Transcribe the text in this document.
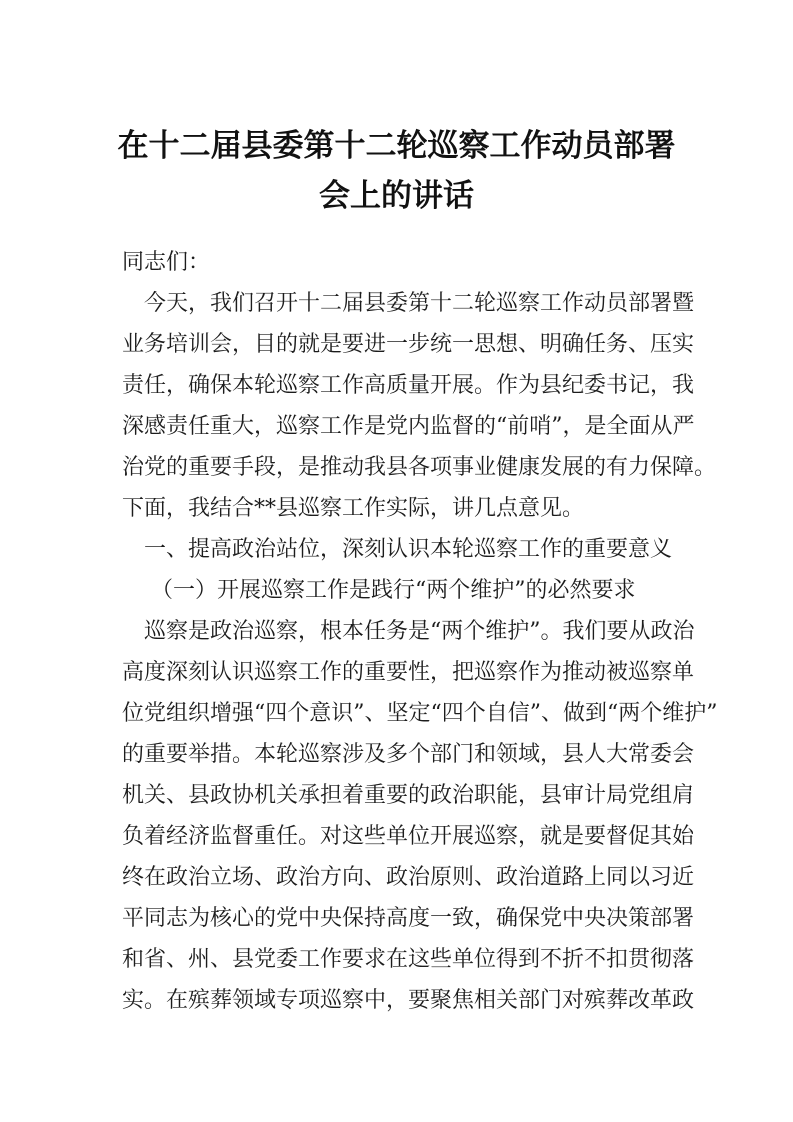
在十二届县委第十二轮巡察工作动员部署
会上的讲话
同志们：
今天，我们召开十二届县委第十二轮巡察工作动员部署暨
业务培训会，目的就是要进一步统一思想、明确任务、压实
责任，确保本轮巡察工作高质量开展。作为县纪委书记，我
深感责任重大，巡察工作是党内监督的“前哨”，是全面从严
治党的重要手段，是推动我县各项事业健康发展的有力保障。
下面，我结合**县巡察工作实际，讲几点意见。
一、提高政治站位，深刻认识本轮巡察工作的重要意义
（一）开展巡察工作是践行“两个维护”的必然要求
巡察是政治巡察，根本任务是“两个维护”。我们要从政治
高度深刻认识巡察工作的重要性，把巡察作为推动被巡察单
位党组织增强“四个意识”、坚定“四个自信”、做到“两个维护”
的重要举措。本轮巡察涉及多个部门和领域，县人大常委会
机关、县政协机关承担着重要的政治职能，县审计局党组肩
负着经济监督重任。对这些单位开展巡察，就是要督促其始
终在政治立场、政治方向、政治原则、政治道路上同以习近
平同志为核心的党中央保持高度一致，确保党中央决策部署
和省、州、县党委工作要求在这些单位得到不折不扣贯彻落
实。在殡葬领域专项巡察中，要聚焦相关部门对殡葬改革政
